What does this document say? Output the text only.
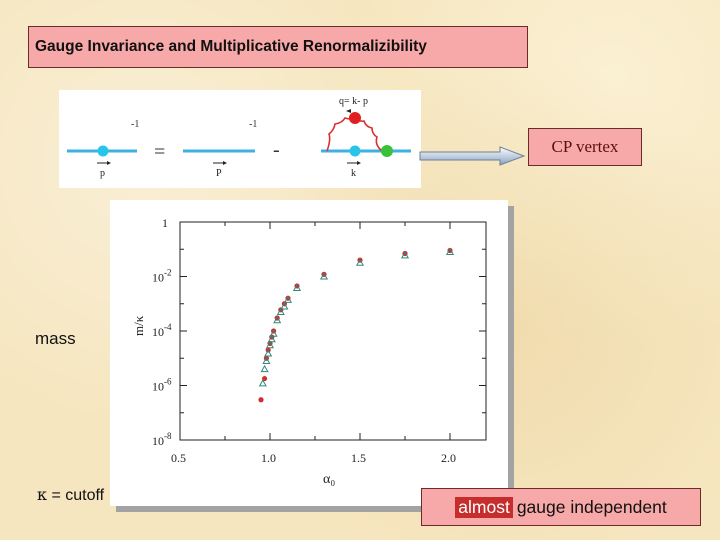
Gauge Invariance and Multiplicative Renormalizibility
-1
p
=
-1
P
-
q= k- p
k
CP vertex
1
$10^{-2}$
$10^{-4}$
$10^{-6}$
$10^{-8}$
0.5	1.0	1.5	2.0
m/κ
α₀
mass
κ = cutoff
almost gauge independent
